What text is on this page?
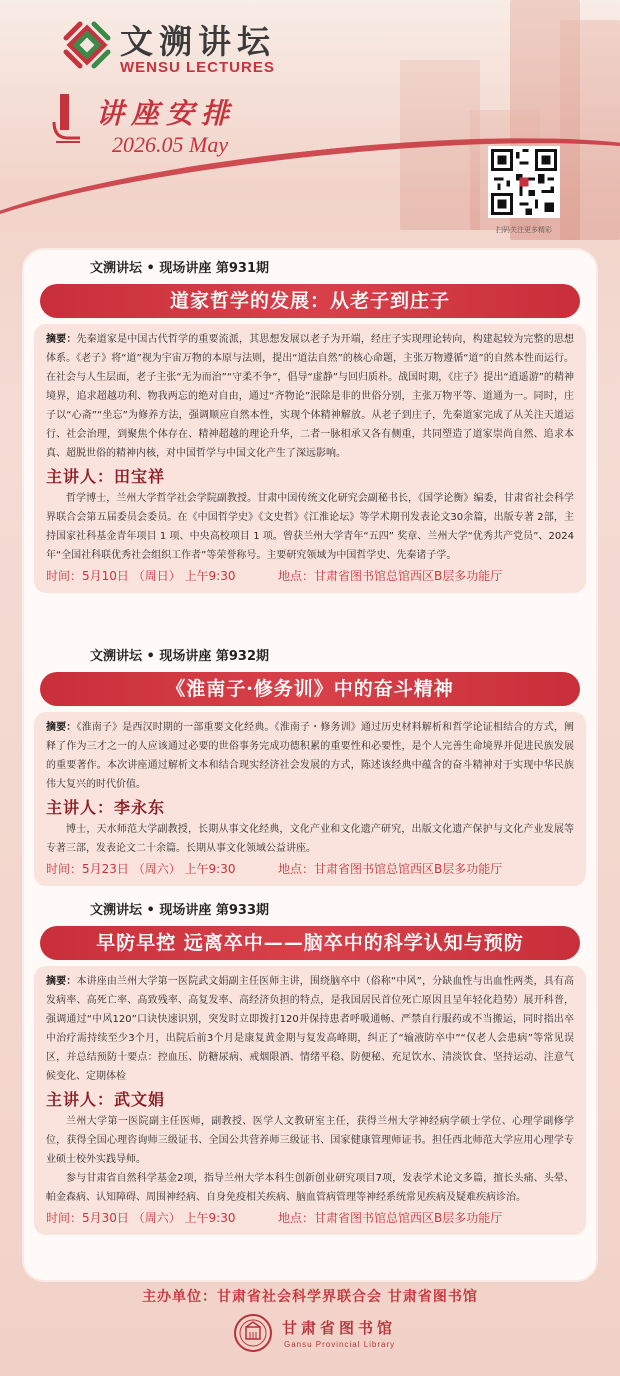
文溯讲坛
WENSU LECTURES
讲座安排
2026.05 May
扫码关注更多精彩
文溯讲坛 • 现场讲座 第931期
道家哲学的发展：从老子到庄子

摘要：先秦道家是中国古代哲学的重要流派，其思想发展以老子为开端，经庄子实现理论转向，构建起较为完整的思想体系。《老子》将“道”视为宇宙万物的本原与法则，提出“道法自然”的核心命题，主张万物遵循“道”的自然本性而运行。在社会与人生层面，老子主张“无为而治”“守柔不争”，倡导“虚静”与回归质朴。战国时期，《庄子》提出“逍遥游”的精神境界，追求超越功利、物我两忘的绝对自由，通过“齐物论”泯除是非的世俗分别，主张万物平等、道通为一。同时，庄子以“心斋”“坐忘”为修养方法，强调顺应自然本性，实现个体精神解放。从老子到庄子，先秦道家完成了从关注天道运行、社会治理，到聚焦个体存在、精神超越的理论升华，二者一脉相承又各有侧重，共同塑造了道家崇尚自然、追求本真、超脱世俗的精神内核，对中国哲学与中国文化产生了深远影响。

主讲人：田宝祥

哲学博士，兰州大学哲学社会学院副教授。甘肃中国传统文化研究会副秘书长，《国学论衡》编委，甘肃省社会科学界联合会第五届委员会委员。在《中国哲学史》《文史哲》《江淮论坛》等学术期刊发表论文30余篇，出版专著 2部，主持国家社科基金青年项目 1 项、中央高校项目 1 项。曾获兰州大学青年“五四” 奖章、兰州大学“优秀共产党员”、2024年“全国社科联优秀社会组织工作者”等荣誉称号。主要研究领域为中国哲学史、先秦诸子学。

时间：5月10日 （周日） 上午9:30	地点：甘肃省图书馆总馆西区B层多功能厅
文溯讲坛 • 现场讲座 第932期
《淮南子·修务训》中的奋斗精神

摘要：《淮南子》是西汉时期的一部重要文化经典。《淮南子・修务训》通过历史材料解析和哲学论证相结合的方式，阐释了作为三才之一的人应该通过必要的世俗事务完成功德积累的重要性和必要性，是个人完善生命境界并促进民族发展的重要著作。本次讲座通过解析文本和结合现实经济社会发展的方式，陈述该经典中蕴含的奋斗精神对于实现中华民族伟大复兴的时代价值。

主讲人：李永东

博士，天水师范大学副教授，长期从事文化经典，文化产业和文化遗产研究，出版文化遗产保护与文化产业发展等专著三部，发表论文二十余篇。长期从事文化领域公益讲座。

时间：5月23日 （周六） 上午9:30	地点：甘肃省图书馆总馆西区B层多功能厅
文溯讲坛 • 现场讲座 第933期
早防早控 远离卒中——脑卒中的科学认知与预防

摘要：本讲座由兰州大学第一医院武文娟副主任医师主讲，围绕脑卒中（俗称“中风”，分缺血性与出血性两类，具有高发病率、高死亡率、高致残率、高复发率、高经济负担的特点，是我国居民首位死亡原因且呈年轻化趋势）展开科普，强调通过“中风120”口诀快速识别，突发时立即拨打120并保持患者呼吸通畅、严禁自行服药或不当搬运，同时指出卒中治疗需持续至少3个月，出院后前3个月是康复黄金期与复发高峰期，纠正了“输液防卒中”“仅老人会患病”等常见误区，并总结预防十要点：控血压、防糖尿病、戒烟限酒、情绪平稳、防便秘、充足饮水、清淡饮食、坚持运动、注意气候变化、定期体检

主讲人：武文娟

兰州大学第一医院副主任医师，副教授、医学人文教研室主任，获得兰州大学神经病学硕士学位、心理学副修学位，获得全国心理咨询师三级证书、全国公共营养师三级证书、国家健康管理师证书。担任西北师范大学应用心理学专业硕士校外实践导师。

参与甘肃省自然科学基金2项，指导兰州大学本科生创新创业研究项目7项，发表学术论文多篇，擅长头痛、头晕、帕金森病、认知障碍、周围神经病、自身免疫相关疾病、脑血管病管理等神经系统常见疾病及疑难疾病诊治。

时间：5月30日 （周六） 上午9:30	地点：甘肃省图书馆总馆西区B层多功能厅
主办单位：甘肃省社会科学界联合会 甘肃省图书馆
甘肃省图书馆
Gansu Provincial Library
